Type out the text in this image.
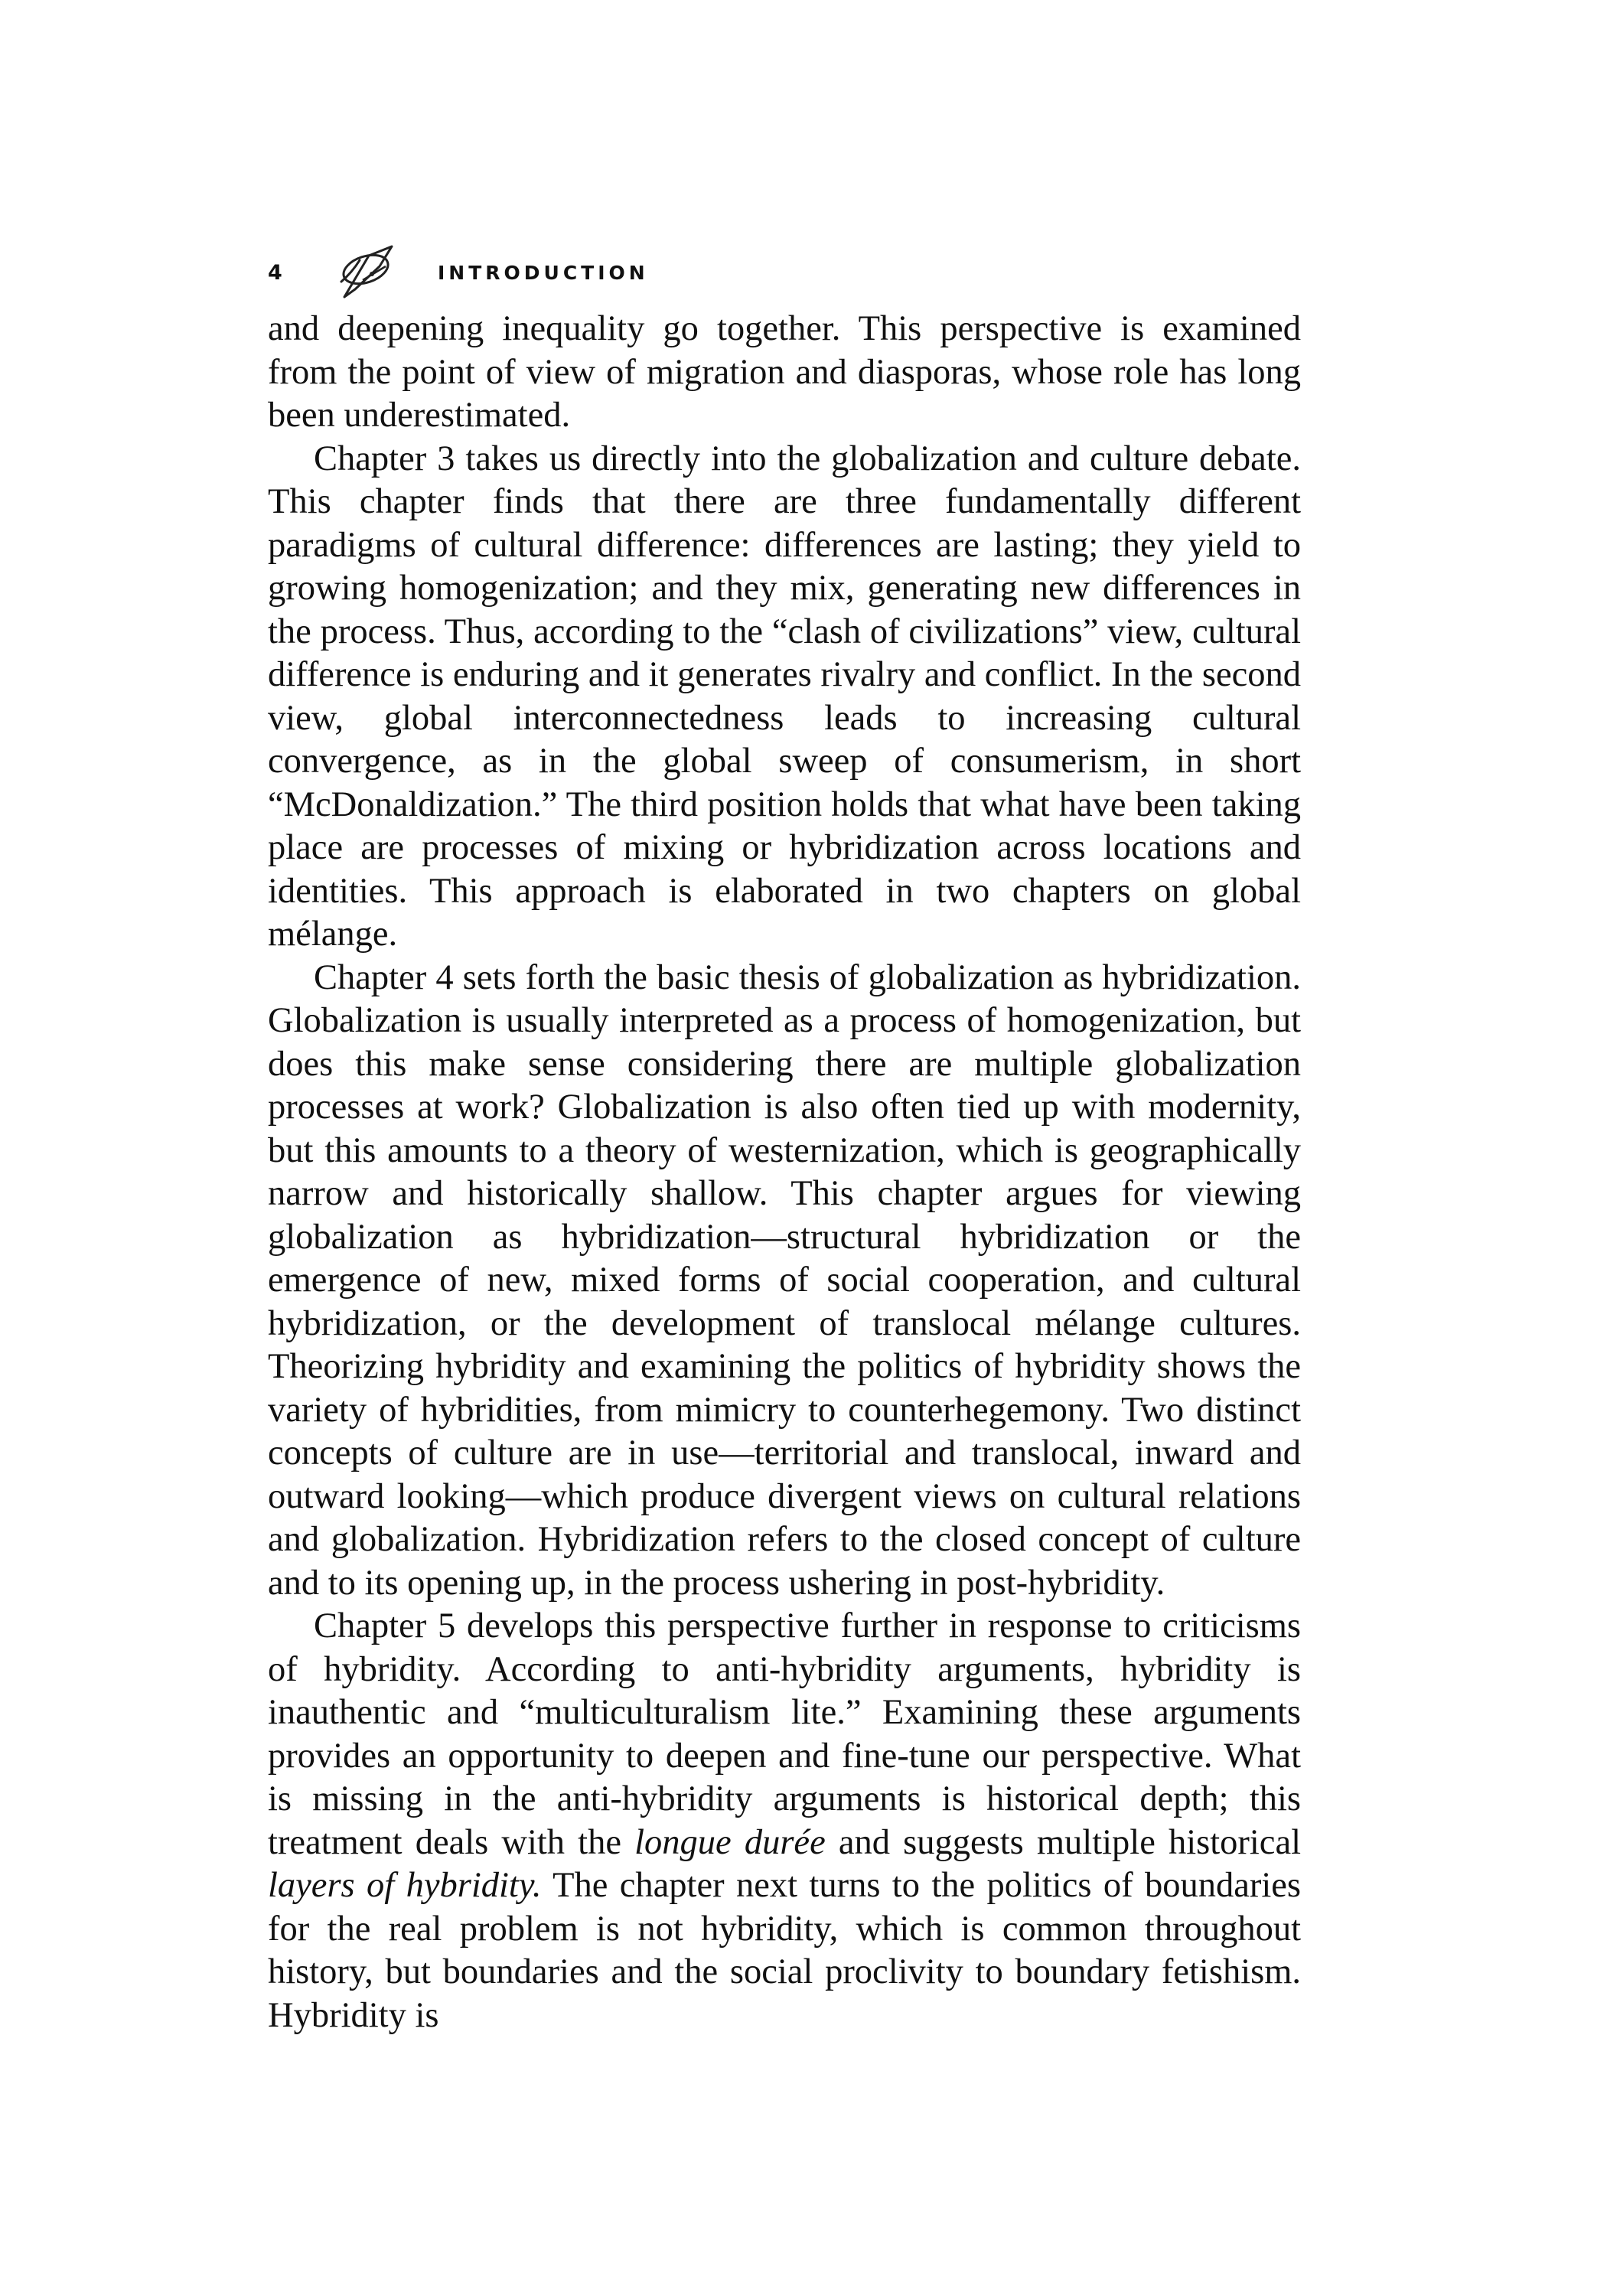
4	INTRODUCTION

and deepening inequality go together. This perspective is examined from the point of view of migration and diasporas, whose role has long been underestimated.

Chapter 3 takes us directly into the globalization and culture debate. This chapter finds that there are three fundamentally different paradigms of cultural difference: differences are lasting; they yield to growing homogenization; and they mix, generating new differences in the process. Thus, according to the “clash of civilizations” view, cultural difference is enduring and it generates rivalry and conflict. In the second view, global interconnectedness leads to increasing cultural convergence, as in the global sweep of consumerism, in short “McDonaldization.” The third position holds that what have been taking place are processes of mixing or hybridization across locations and identities. This approach is elaborated in two chapters on global mélange.

Chapter 4 sets forth the basic thesis of globalization as hybridization. Globalization is usually interpreted as a process of homogenization, but does this make sense considering there are multiple globalization processes at work? Globalization is also often tied up with modernity, but this amounts to a theory of westernization, which is geographically narrow and historically shallow. This chapter argues for viewing globalization as hybridization—structural hybridization or the emergence of new, mixed forms of social cooperation, and cultural hybridization, or the development of translocal mélange cultures. Theorizing hybridity and examining the politics of hybridity shows the variety of hybridities, from mimicry to counterhegemony. Two distinct concepts of culture are in use—territorial and translocal, inward and outward looking—which produce divergent views on cultural relations and globalization. Hybridization refers to the closed concept of culture and to its opening up, in the process ushering in post-hybridity.

Chapter 5 develops this perspective further in response to criticisms of hybridity. According to anti-hybridity arguments, hybridity is inauthentic and “multiculturalism lite.” Examining these arguments provides an opportunity to deepen and fine-tune our perspective. What is missing in the anti-hybridity arguments is historical depth; this treatment deals with the longue durée and suggests multiple historical layers of hybridity. The chapter next turns to the politics of boundaries for the real problem is not hybridity, which is common throughout history, but boundaries and the social proclivity to boundary fetishism. Hybridity is
